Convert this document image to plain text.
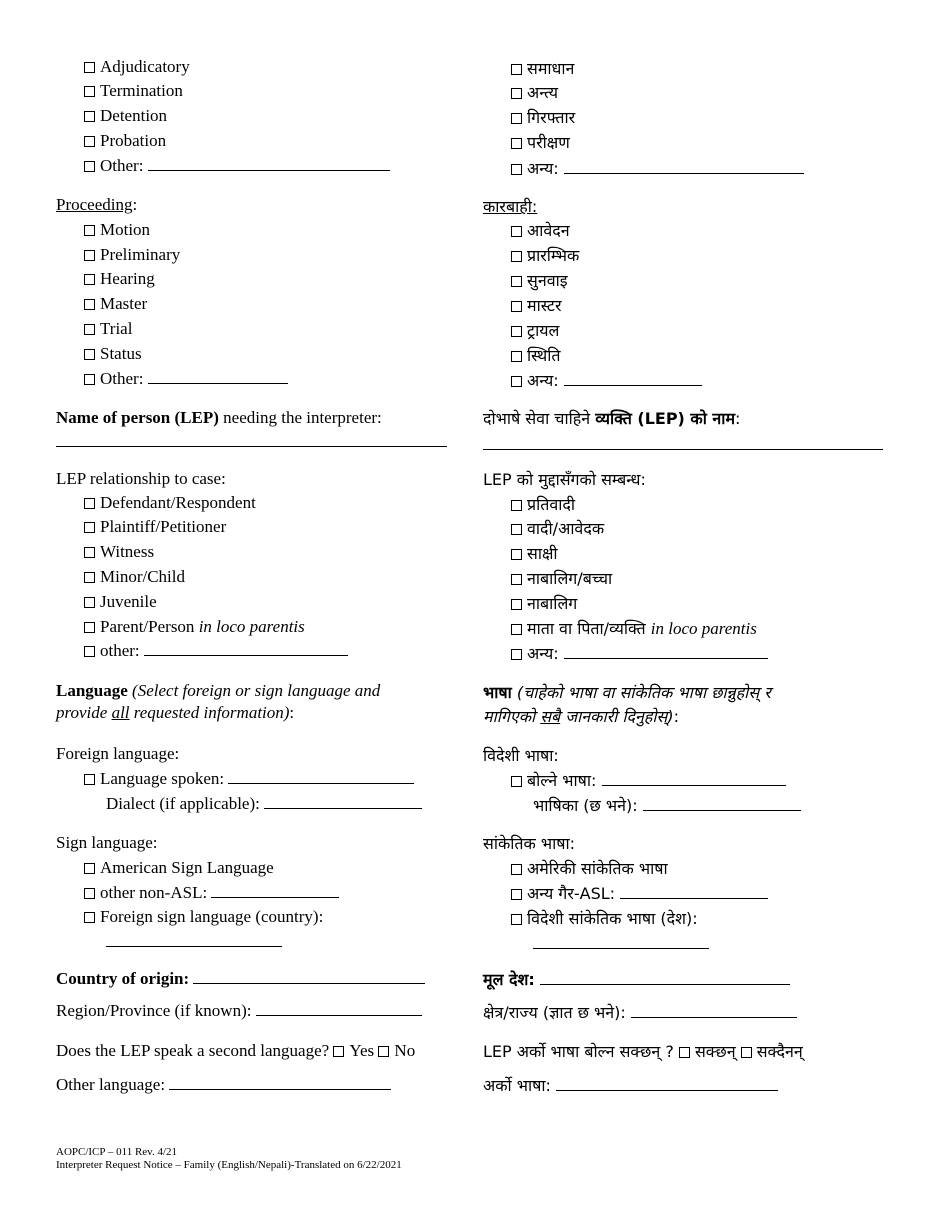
Adjudicatory
Termination
Detention
Probation
Other:
Proceeding:
Motion
Preliminary
Hearing
Master
Trial
Status
Other:
Name of person (LEP) needing the interpreter:
LEP relationship to case:
Defendant/Respondent
Plaintiff/Petitioner
Witness
Minor/Child
Juvenile
Parent/Person in loco parentis
other:
Language (Select foreign or sign language and
provide all requested information):
Foreign language:
Language spoken:
Dialect (if applicable):
Sign language:
American Sign Language
other non-ASL:
Foreign sign language (country):
Country of origin:
Region/Province (if known):
Does the LEP speak a second language? Yes No
Other language:
समाधान
अन्त्य
गिरफ्तार
परीक्षण
अन्य:
कारबाही:
आवेदन
प्रारम्भिक
सुनवाइ
मास्टर
ट्रायल
स्थिति
अन्य:
दोभाषे सेवा चाहिने व्यक्ति (LEP) को नाम:
LEP को मुद्दासँगको सम्बन्ध:
प्रतिवादी
वादी/आवेदक
साक्षी
नाबालिग/बच्चा
नाबालिग
माता वा पिता/व्यक्ति in loco parentis
अन्य:
भाषा (चाहेको भाषा वा सांकेतिक भाषा छान्नुहोस् र
मागिएको सबै जानकारी दिनुहोस्):
विदेशी भाषा:
बोल्ने भाषा:
भाषिका (छ भने):
सांकेतिक भाषा:
अमेरिकी सांकेतिक भाषा
अन्य गैर-ASL:
विदेशी सांकेतिक भाषा (देश):
मूल देश:
क्षेत्र/राज्य (ज्ञात छ भने):
LEP अर्को भाषा बोल्न सक्छन् ? सक्छन् सक्दैनन्
अर्को भाषा:
AOPC/ICP – 011 Rev. 4/21
Interpreter Request Notice – Family (English/Nepali)-Translated on 6/22/2021
